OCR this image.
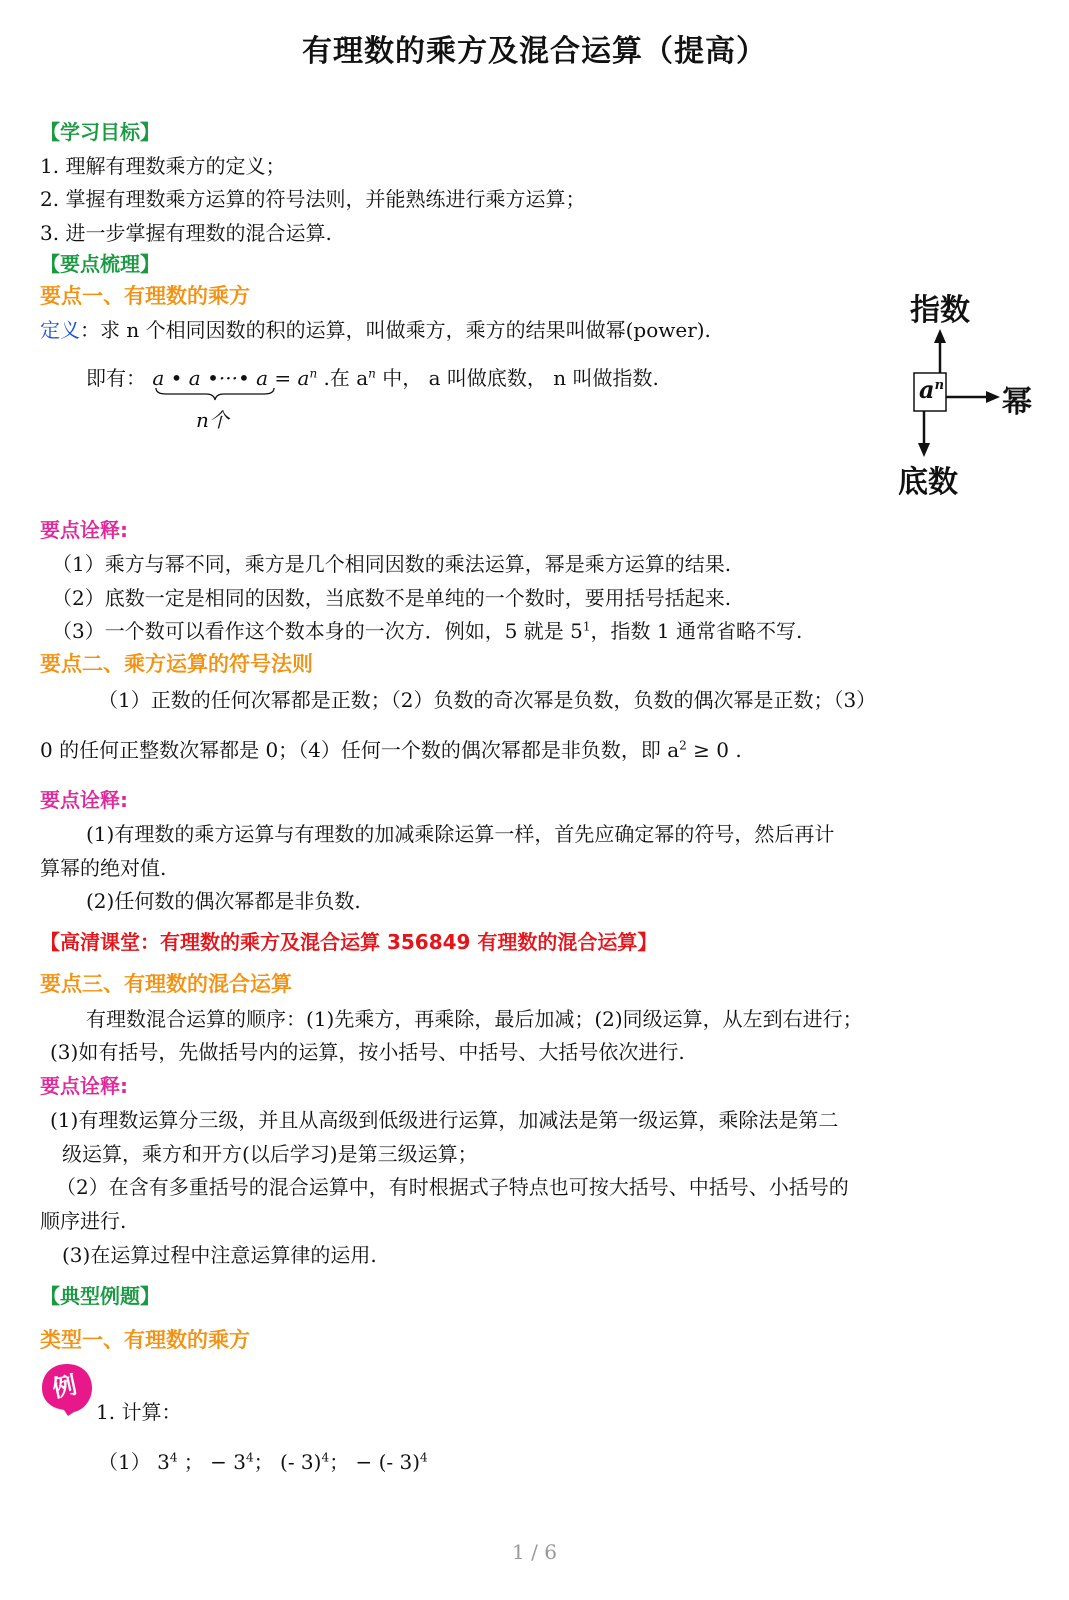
有理数的乘方及混合运算（提高）
【学习目标】
1. 理解有理数乘方的定义；
2. 掌握有理数乘方运算的符号法则，并能熟练进行乘方运算；
3. 进一步掌握有理数的混合运算.
【要点梳理】
要点一、有理数的乘方
定义：求 n 个相同因数的积的运算，叫做乘方，乘方的结果叫做幂(power).
即有： a • a •···• $a = a^n$ .在 $a^n$ 中， a 叫做底数， n 叫做指数.
n个
指数
幂
底数
$a^n$
要点诠释:
（1）乘方与幂不同，乘方是几个相同因数的乘法运算，幂是乘方运算的结果.
（2）底数一定是相同的因数，当底数不是单纯的一个数时，要用括号括起来.
（3）一个数可以看作这个数本身的一次方．例如，5 就是 $5^1$，指数 1 通常省略不写.
要点二、乘方运算的符号法则
（1）正数的任何次幂都是正数；（2）负数的奇次幂是负数，负数的偶次幂是正数；（3）
0 的任何正整数次幂都是 0；（4）任何一个数的偶次幂都是非负数，即 $a^2 \ge 0$ .
要点诠释:
(1)有理数的乘方运算与有理数的加减乘除运算一样，首先应确定幂的符号，然后再计
算幂的绝对值.
(2)任何数的偶次幂都是非负数.
【高清课堂：有理数的乘方及混合运算 356849 有理数的混合运算】
要点三、有理数的混合运算
有理数混合运算的顺序：(1)先乘方，再乘除，最后加减；(2)同级运算，从左到右进行；
(3)如有括号，先做括号内的运算，按小括号、中括号、大括号依次进行.
要点诠释:
(1)有理数运算分三级，并且从高级到低级进行运算，加减法是第一级运算，乘除法是第二
级运算，乘方和开方(以后学习)是第三级运算；
（2）在含有多重括号的混合运算中，有时根据式子特点也可按大括号、中括号、小括号的
顺序进行.
(3)在运算过程中注意运算律的运用.
【典型例题】
类型一、有理数的乘方
例
1. 计算：
（1） $3^4$ ； − $3^4$； (- 3)$^4$； − (- 3)$^4$
1 / 6
